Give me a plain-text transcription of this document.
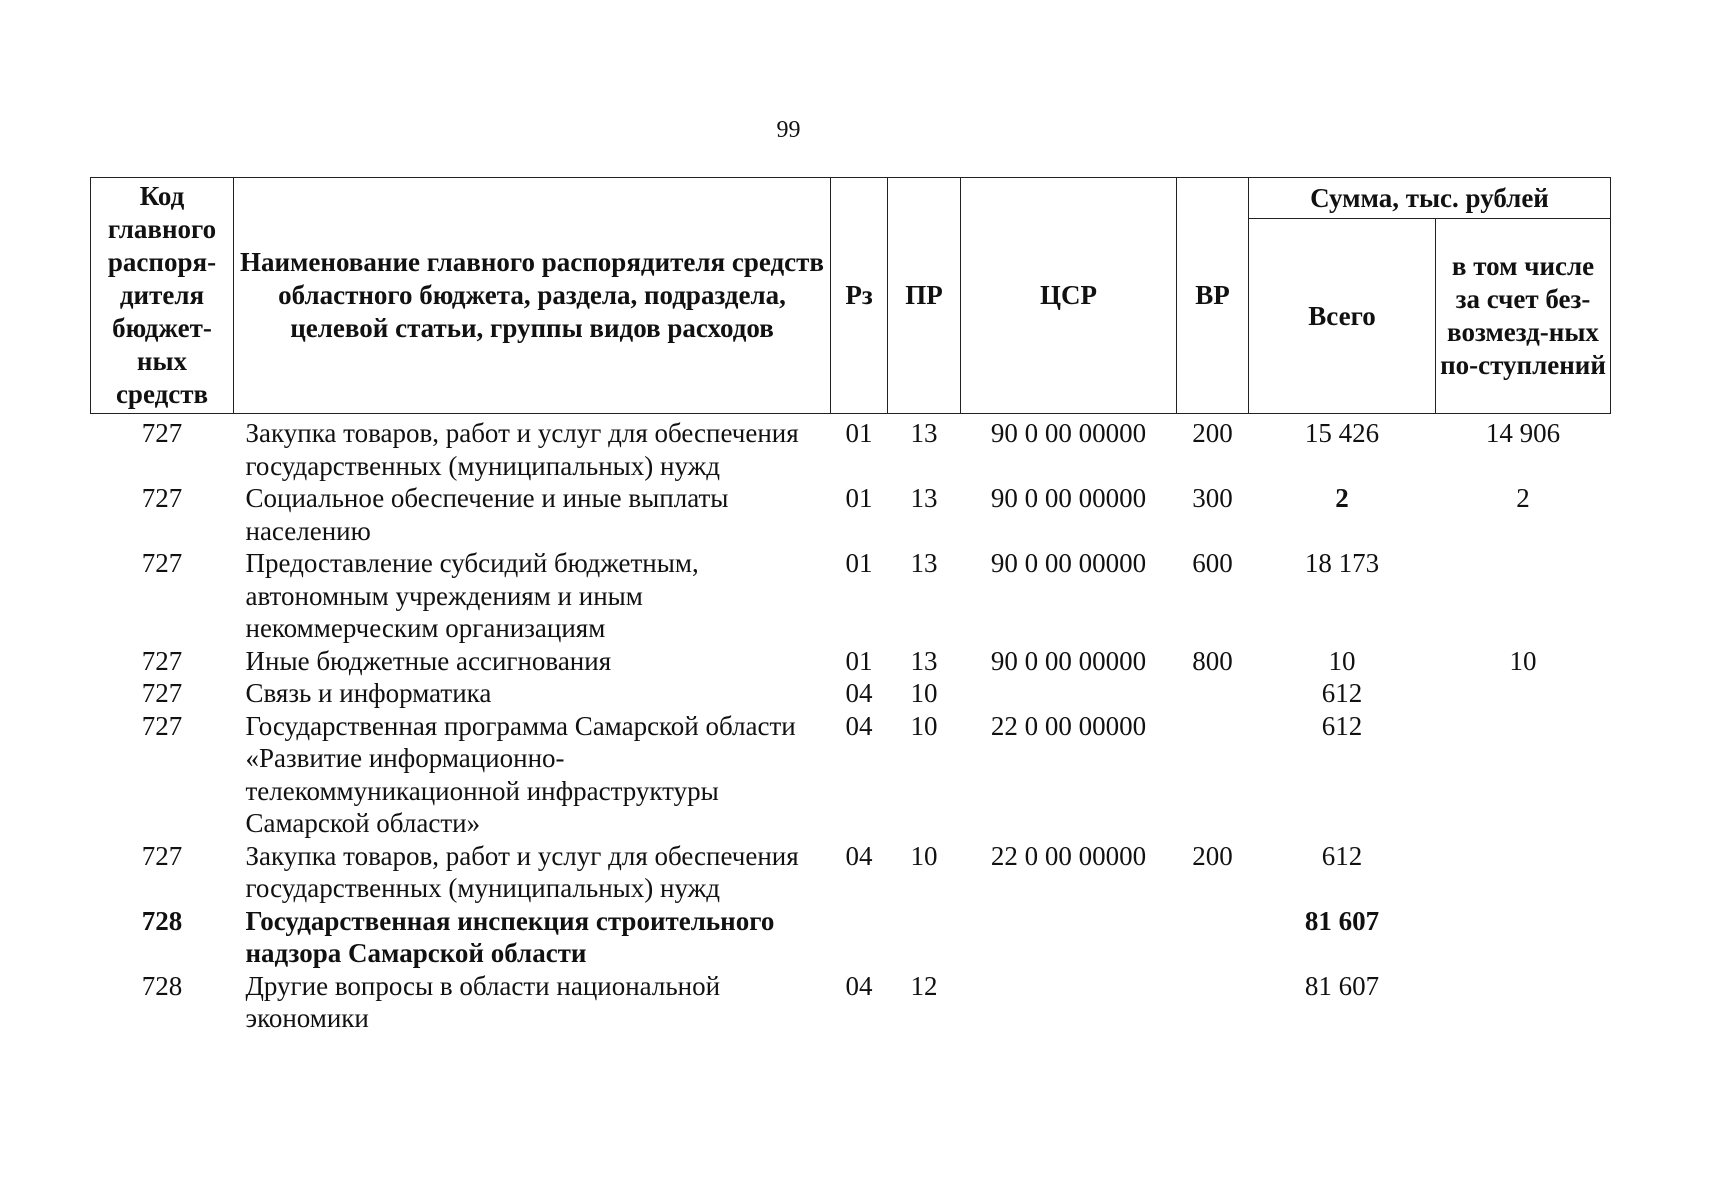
99
Код главного распоря-дителя бюджет-ных средств	Наименование главного распорядителя средств областного бюджета, раздела, подраздела, целевой статьи, группы видов расходов	Рз	ПР	ЦСР	ВР	Сумма, тыс. рублей	
						Всего	в том числе за счет без-возмезд-ных по-ступлений
727	Закупка товаров, работ и услуг для обеспечения государственных (муниципальных) нужд	01	13	90 0 00 00000	200	15 426	14 906
727	Социальное обеспечение и иные выплаты населению	01	13	90 0 00 00000	300	2	2
727	Предоставление субсидий бюджетным, автономным учреждениям и иным некоммерческим организациям	01	13	90 0 00 00000	600	18 173	
727	Иные бюджетные ассигнования	01	13	90 0 00 00000	800	10	10
727	Связь и информатика	04	10			612	
727	Государственная программа Самарской области «Развитие информационно-телекоммуникационной инфраструктуры Самарской области»	04	10	22 0 00 00000		612	
727	Закупка товаров, работ и услуг для обеспечения государственных (муниципальных) нужд	04	10	22 0 00 00000	200	612	
728	Государственная инспекция строительного надзора Самарской области					81 607	
728	Другие вопросы в области национальной экономики	04	12			81 607	
